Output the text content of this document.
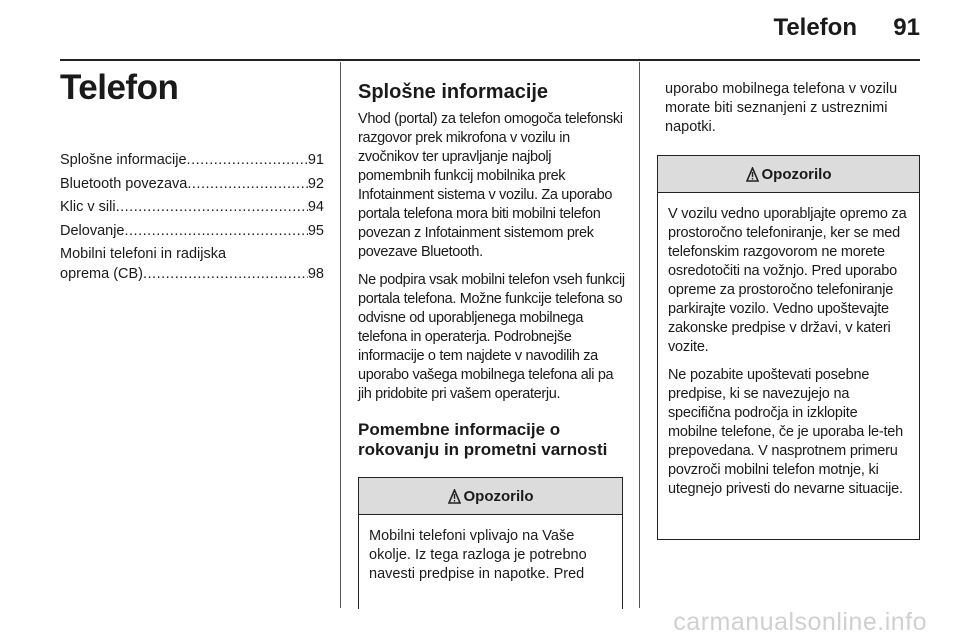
Telefon 91
Telefon
Splošne informacije .....	91
Bluetooth povezava .....	92
Klic v sili .....	94
Delovanje .....	95
Mobilni telefoni in radijska
oprema (CB) .....	98
Splošne informacije

Vhod (portal) za telefon omogoča telefonski razgovor prek mikrofona v vozilu in zvočnikov ter upravljanje najbolj pomembnih funkcij mobilnika prek Infotainment sistema v vozilu. Za uporabo portala telefona mora biti mobilni telefon povezan z Infotainment sistemom prek povezave Bluetooth.

Ne podpira vsak mobilni telefon vseh funkcij portala telefona. Možne funkcije telefona so odvisne od uporabljenega mobilnega telefona in operaterja. Podrobnejše informacije o tem najdete v navodilih za uporabo vašega mobilnega telefona ali pa jih pridobite pri vašem operaterju.

Pomembne informacije o rokovanju in prometni varnosti
Opozorilo

Mobilni telefoni vplivajo na Vaše okolje. Iz tega razloga je potrebno navesti predpise in napotke. Pred

uporabo mobilnega telefona v vozilu morate biti seznanjeni z ustreznimi napotki.
Opozorilo

V vozilu vedno uporabljajte opremo za prostoročno telefoniranje, ker se med telefonskim razgovorom ne morete osredotočiti na vožnjo. Pred uporabo opreme za prostoročno telefoniranje parkirajte vozilo. Vedno upoštevajte zakonske predpise v državi, v kateri vozite.

Ne pozabite upoštevati posebne predpise, ki se navezujejo na specifična področja in izklopite mobilne telefone, če je uporaba le-teh prepovedana. V nasprotnem primeru povzroči mobilni telefon motnje, ki utegnejo privesti do nevarne situacije.

carmanualsonline.info
